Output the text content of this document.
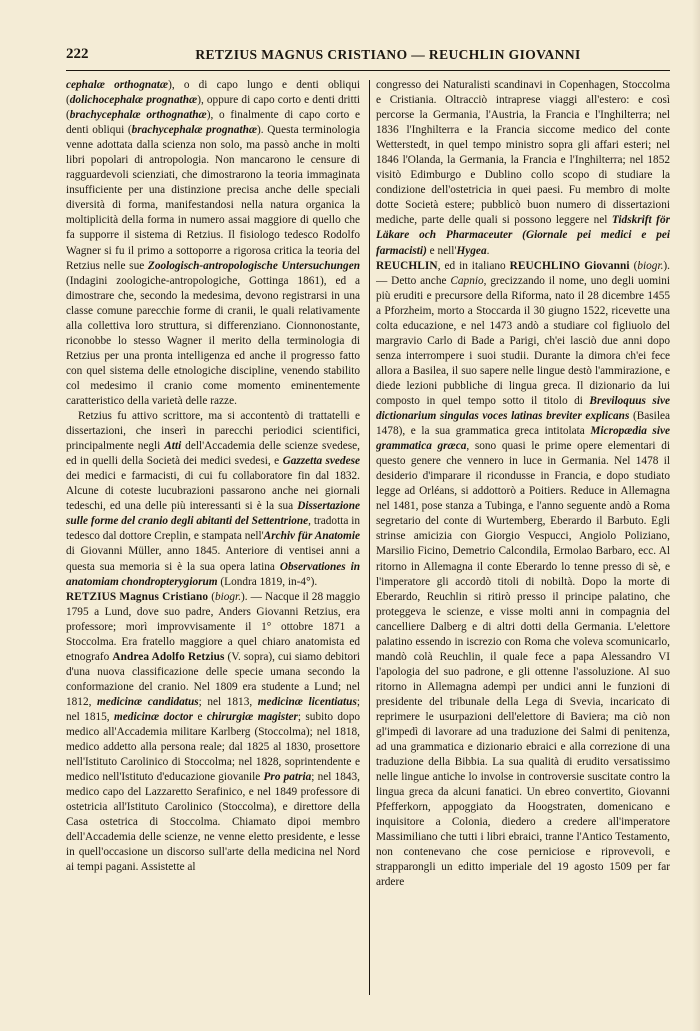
222	RETZIUS MAGNUS CRISTIANO — REUCHLIN GIOVANNI

cephalæ orthognatæ), o di capo lungo e denti obliqui (dolichocephalæ prognathæ), oppure di capo corto e denti dritti (brachycephalæ orthognathæ), o finalmente di capo corto e denti obliqui (brachycephalæ prognathæ). Questa terminologia venne adottata dalla scienza non solo, ma passò anche in molti libri popolari di antropologia. Non mancarono le censure di ragguardevoli scienziati, che dimostrarono la teoria immaginata insufficiente per una distinzione precisa anche delle speciali diversità di forma, manifestandosi nella natura organica la moltiplicità della forma in numero assai maggiore di quello che fa supporre il sistema di Retzius. Il fisiologo tedesco Rodolfo Wagner si fu il primo a sottoporre a rigorosa critica la teoria del Retzius nelle sue Zoologisch-antropologische Untersuchungen (Indagini zoologiche-antropologiche, Gottinga 1861), ed a dimostrare che, secondo la medesima, devono registrarsi in una classe comune parecchie forme di cranii, le quali relativamente alla collettiva loro struttura, si differenziano. Cionnonostante, riconobbe lo stesso Wagner il merito della terminologia di Retzius per una pronta intelligenza ed anche il progresso fatto con quel sistema delle etnologiche discipline, venendo stabilito col medesimo il cranio come momento eminentemente caratteristico della varietà delle razze.

Retzius fu attivo scrittore, ma si accontentò di trattatelli e dissertazioni, che inserì in parecchi periodici scientifici, principalmente negli Atti dell'Accademia delle scienze svedese, ed in quelli della Società dei medici svedesi, e Gazzetta svedese dei medici e farmacisti, di cui fu collaboratore fin dal 1832. Alcune di coteste lucubrazioni passarono anche nei giornali tedeschi, ed una delle più interessanti si è la sua Dissertazione sulle forme del cranio degli abitanti del Settentrione, tradotta in tedesco dal dottore Creplin, e stampata nell'Archiv für Anatomie di Giovanni Müller, anno 1845. Anteriore di ventisei anni a questa sua memoria si è la sua opera latina Observationes in anatomiam chondropterygiorum (Londra 1819, in-4°).

RETZIUS Magnus Cristiano (biogr.). — Nacque il 28 maggio 1795 a Lund, dove suo padre, Anders Giovanni Retzius, era professore; morì improvvisamente il 1° ottobre 1871 a Stoccolma. Era fratello maggiore a quel chiaro anatomista ed etnografo Andrea Adolfo Retzius (V. sopra), cui siamo debitori d'una nuova classificazione delle specie umana secondo la conformazione del cranio. Nel 1809 era studente a Lund; nel 1812, medicinæ candidatus; nel 1813, medicinæ licentiatus; nel 1815, medicinæ doctor e chirurgiæ magister; subito dopo medico all'Accademia militare Karlberg (Stoccolma); nel 1818, medico addetto alla persona reale; dal 1825 al 1830, prosettore nell'Istituto Carolinico di Stoccolma; nel 1828, soprintendente e medico nell'Istituto d'educazione giovanile Pro patria; nel 1843, medico capo del Lazzaretto Serafinico, e nel 1849 professore di ostetricia all'Istituto Carolinico (Stoccolma), e direttore della Casa ostetrica di Stoccolma. Chiamato dipoi membro dell'Accademia delle scienze, ne venne eletto presidente, e lesse in quell'occasione un discorso sull'arte della medicina nel Nord ai tempi pagani. Assistette al

congresso dei Naturalisti scandinavi in Copenhagen, Stoccolma e Cristiania. Oltracciò intraprese viaggi all'estero: e così percorse la Germania, l'Austria, la Francia e l'Inghilterra; nel 1836 l'Inghilterra e la Francia siccome medico del conte Wetterstedt, in quel tempo ministro sopra gli affari esteri; nel 1846 l'Olanda, la Germania, la Francia e l'Inghilterra; nel 1852 visitò Edimburgo e Dublino collo scopo di studiare la condizione dell'ostetricia in quei paesi. Fu membro di molte dotte Società estere; pubblicò buon numero di dissertazioni mediche, parte delle quali si possono leggere nel Tidskrift för Läkare och Pharmaceuter (Giornale pei medici e pei farmacisti) e nell'Hygea.

REUCHLIN, ed in italiano REUCHLINO Giovanni (biogr.). — Detto anche Capnio, grecizzando il nome, uno degli uomini più eruditi e precursore della Riforma, nato il 28 dicembre 1455 a Pforzheim, morto a Stoccarda il 30 giugno 1522, ricevette una colta educazione, e nel 1473 andò a studiare col figliuolo del margravio Carlo di Bade a Parigi, ch'ei lasciò due anni dopo senza interrompere i suoi studii. Durante la dimora ch'ei fece allora a Basilea, il suo sapere nelle lingue destò l'ammirazione, e diede lezioni pubbliche di lingua greca. Il dizionario da lui composto in quel tempo sotto il titolo di Breviloquus sive dictionarium singulas voces latinas breviter explicans (Basilea 1478), e la sua grammatica greca intitolata Micropædia sive grammatica græca, sono quasi le prime opere elementari di questo genere che vennero in luce in Germania. Nel 1478 il desiderio d'imparare il ricondusse in Francia, e dopo studiato legge ad Orléans, si addottorò a Poitiers. Reduce in Allemagna nel 1481, pose stanza a Tubinga, e l'anno seguente andò a Roma segretario del conte di Wurtemberg, Eberardo il Barbuto. Egli strinse amicizia con Giorgio Vespucci, Angiolo Poliziano, Marsilio Ficino, Demetrio Calcondila, Ermolao Barbaro, ecc. Al ritorno in Allemagna il conte Eberardo lo tenne presso di sè, e l'imperatore gli accordò titoli di nobiltà. Dopo la morte di Eberardo, Reuchlin si ritirò presso il principe palatino, che proteggeva le scienze, e visse molti anni in compagnia del cancelliere Dalberg e di altri dotti della Germania. L'elettore palatino essendo in iscrezio con Roma che voleva scomunicarlo, mandò colà Reuchlin, il quale fece a papa Alessandro VI l'apologia del suo padrone, e gli ottenne l'assoluzione. Al suo ritorno in Allemagna adempì per undici anni le funzioni di presidente del tribunale della Lega di Svevia, incaricato di reprimere le usurpazioni dell'elettore di Baviera; ma ciò non gl'impedì di lavorare ad una traduzione dei Salmi di penitenza, ad una grammatica e dizionario ebraici e alla correzione di una traduzione della Bibbia. La sua qualità di erudito versatissimo nelle lingue antiche lo involse in controversie suscitate contro la lingua greca da alcuni fanatici. Un ebreo convertito, Giovanni Pfefferkorn, appoggiato da Hoogstraten, domenicano e inquisitore a Colonia, diedero a credere all'imperatore Massimiliano che tutti i libri ebraici, tranne l'Antico Testamento, non contenevano che cose perniciose e riprovevoli, e strapparongli un editto imperiale del 19 agosto 1509 per far ardere
